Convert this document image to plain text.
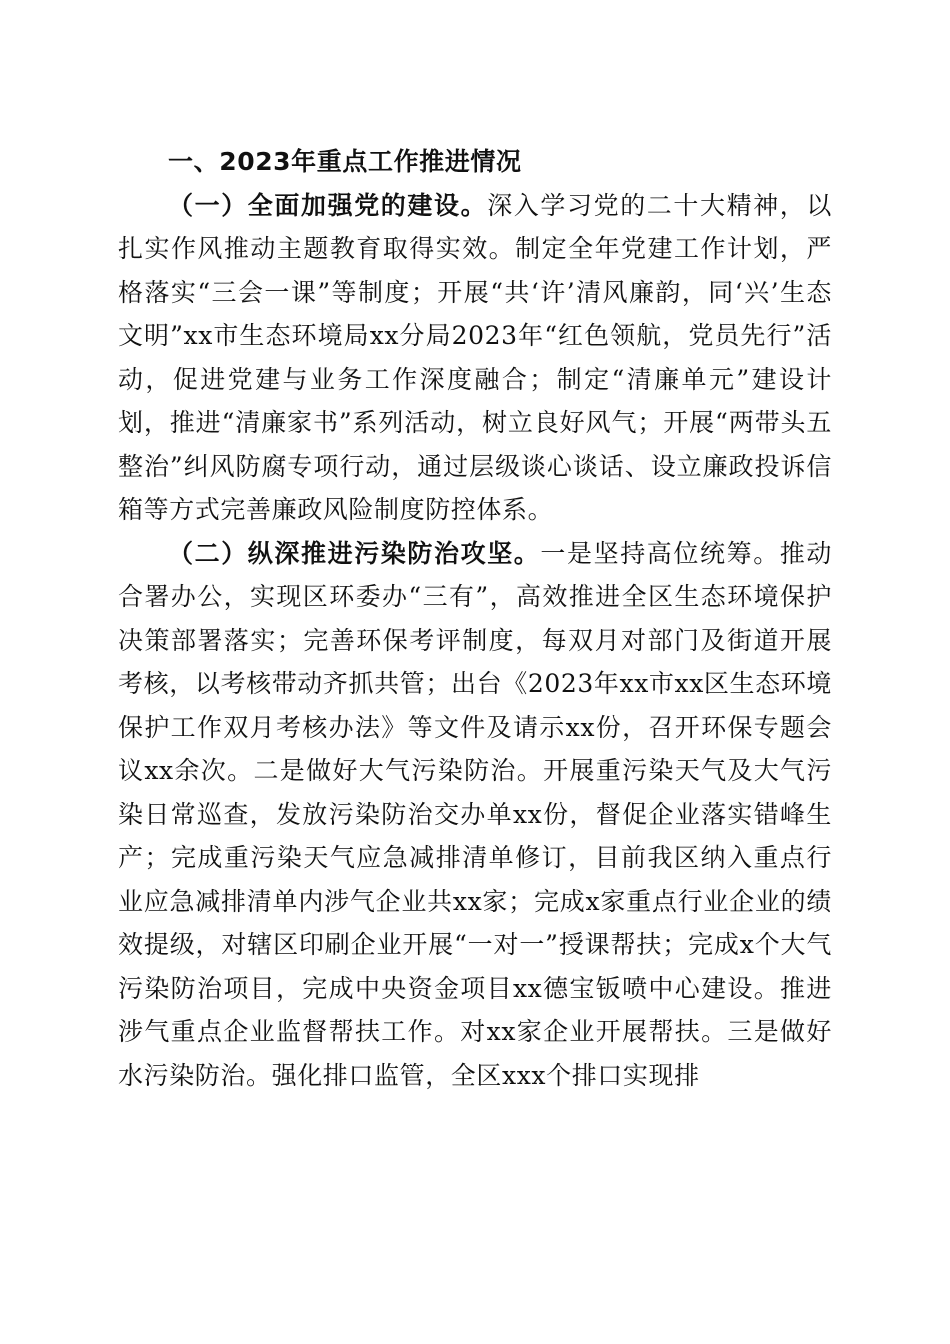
一、2023年重点工作推进情况

（一）全面加强党的建设。深入学习党的二十大精神，以扎实作风推动主题教育取得实效。制定全年党建工作计划，严格落实“三会一课”等制度；开展“共‘许’清风廉韵，同‘兴’生态文明”xx市生态环境局xx分局2023年“红色领航，党员先行”活动，促进党建与业务工作深度融合；制定“清廉单元”建设计划，推进“清廉家书”系列活动，树立良好风气；开展“两带头五整治”纠风防腐专项行动，通过层级谈心谈话、设立廉政投诉信箱等方式完善廉政风险制度防控体系。

（二）纵深推进污染防治攻坚。一是坚持高位统筹。推动合署办公，实现区环委办“三有”，高效推进全区生态环境保护决策部署落实；完善环保考评制度，每双月对部门及街道开展考核，以考核带动齐抓共管；出台《2023年xx市xx区生态环境保护工作双月考核办法》等文件及请示xx份，召开环保专题会议xx余次。二是做好大气污染防治。开展重污染天气及大气污染日常巡查，发放污染防治交办单xx份，督促企业落实错峰生产；完成重污染天气应急减排清单修订，目前我区纳入重点行业应急减排清单内涉气企业共xx家；完成x家重点行业企业的绩效提级，对辖区印刷企业开展“一对一”授课帮扶；完成x个大气污染防治项目，完成中央资金项目xx德宝钣喷中心建设。推进涉气重点企业监督帮扶工作。对xx家企业开展帮扶。三是做好水污染防治。强化排口监管，全区xxx个排口实现排
